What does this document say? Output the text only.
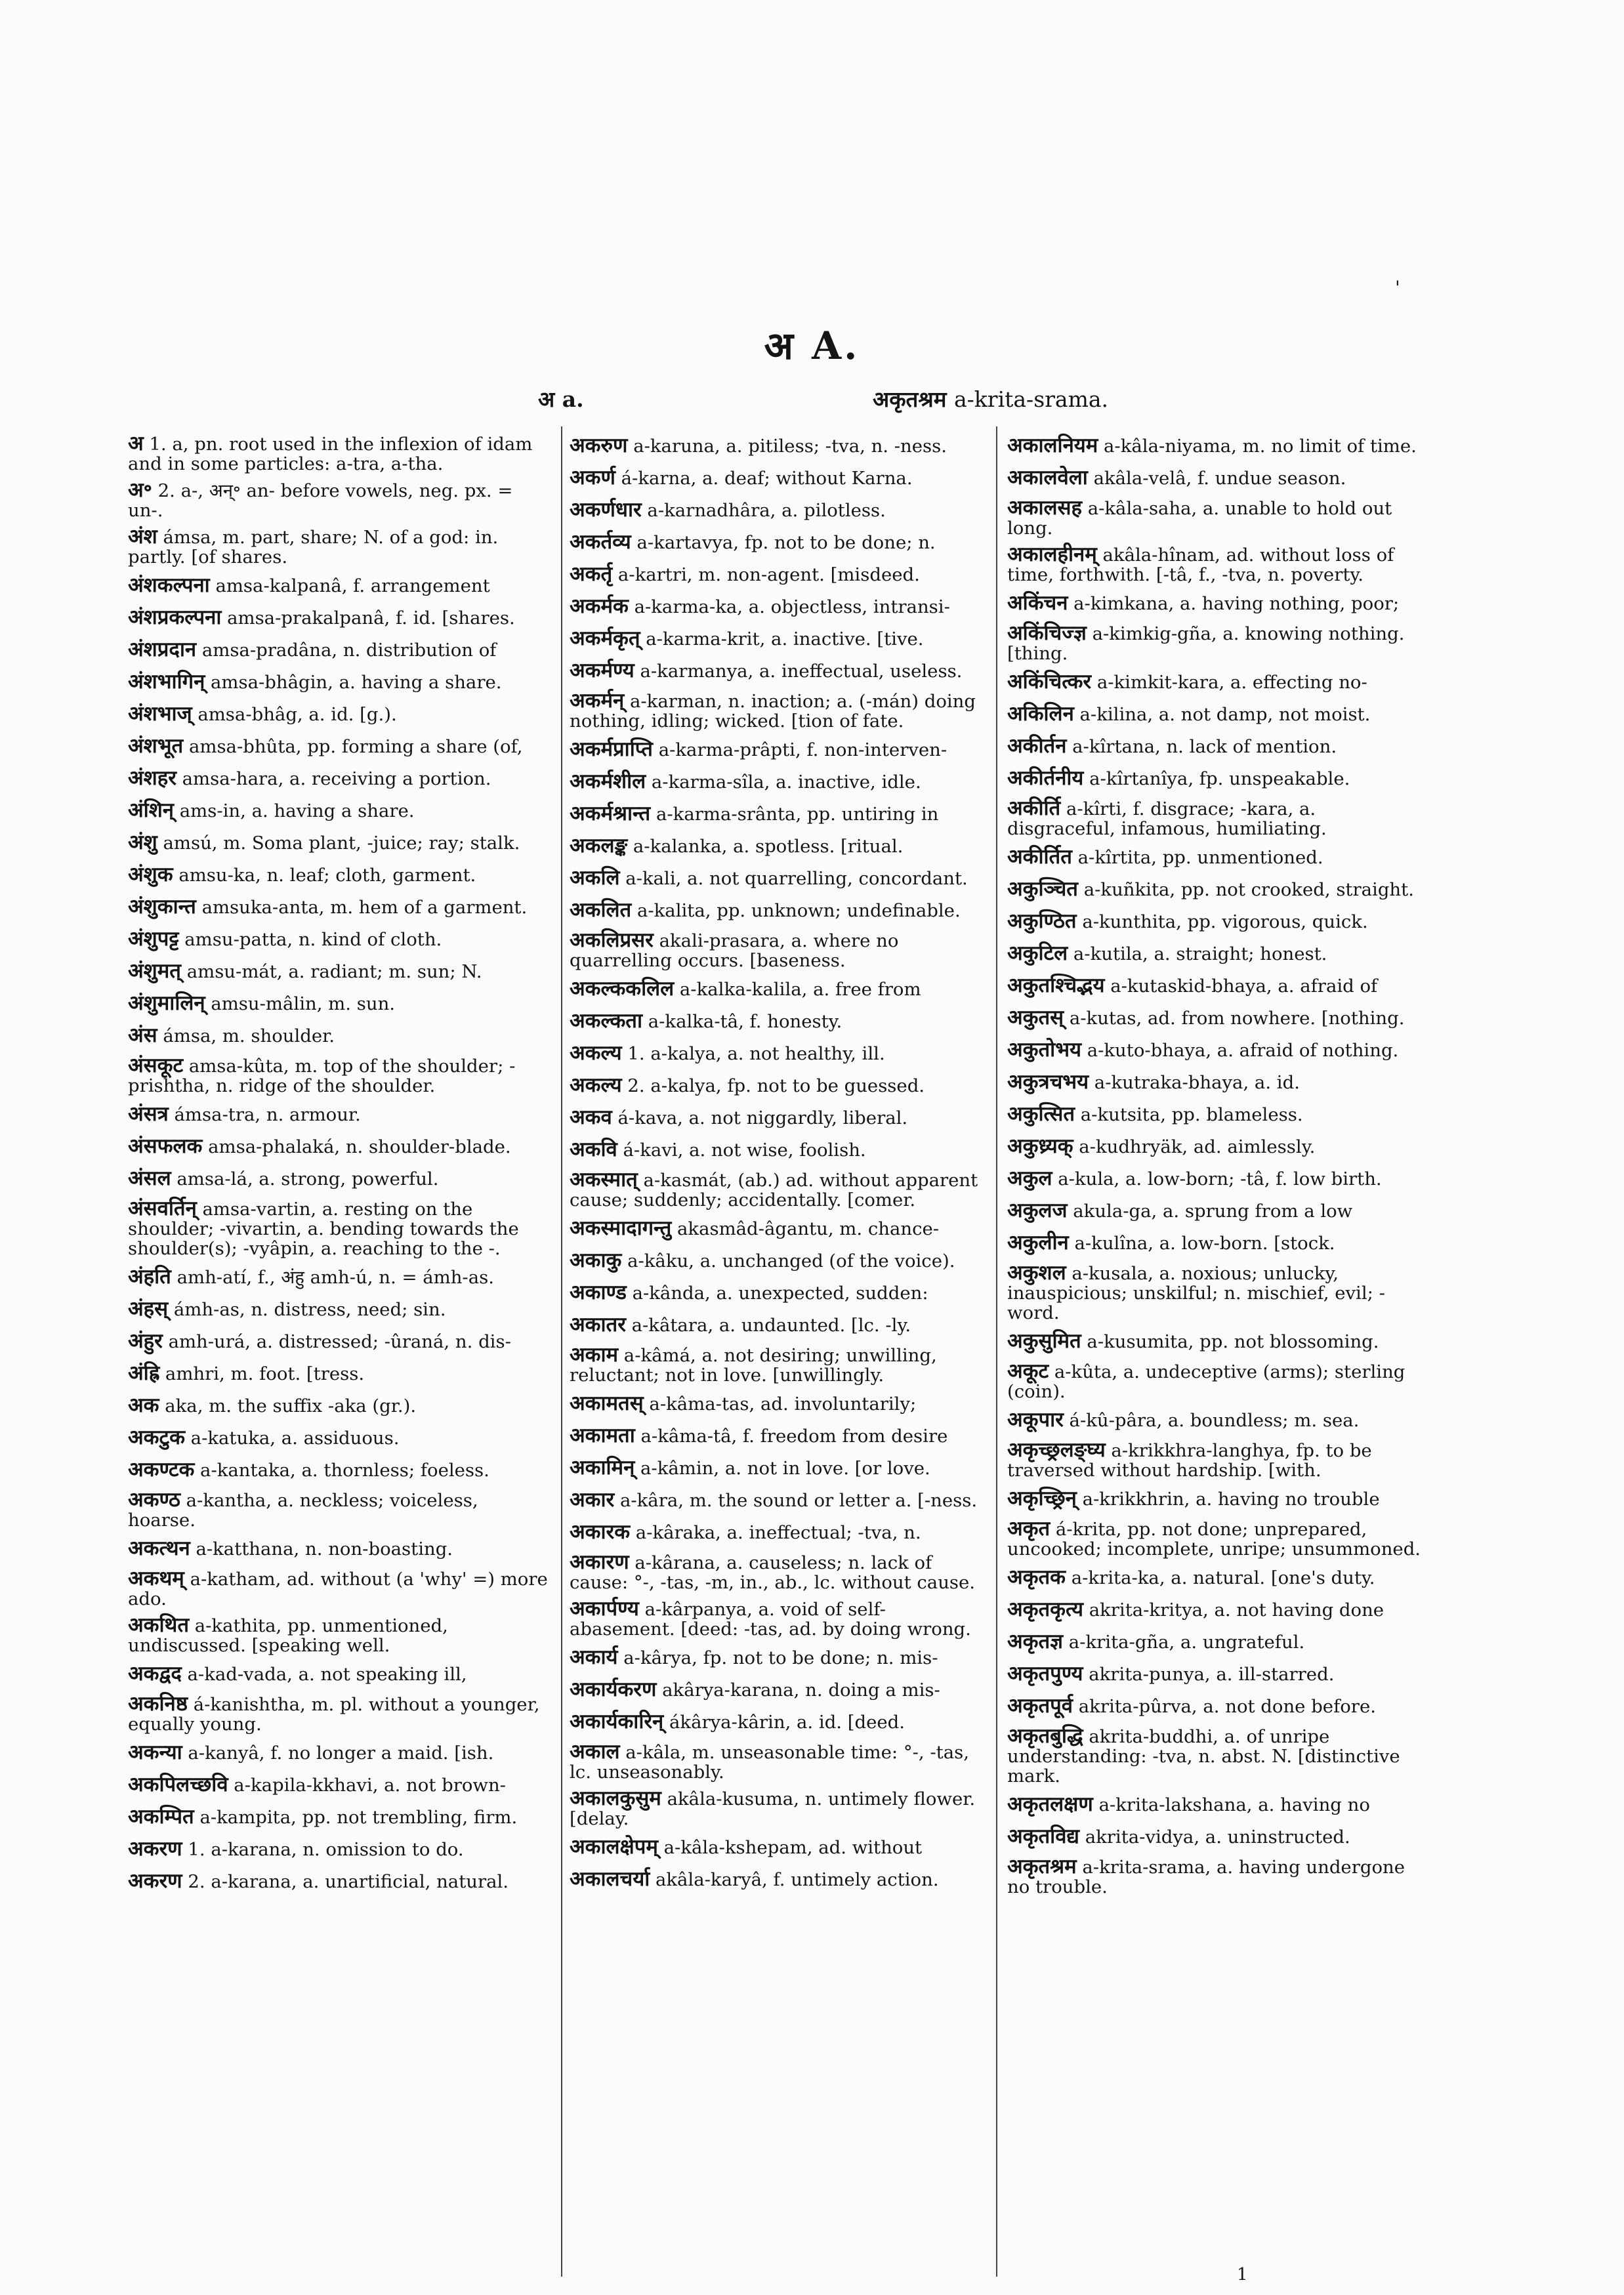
'
अ A.
अ a.	अकृतश्रम a-krita-srama.

अ 1. a, pn. root used in the inflexion of idam and in some particles: a-tra, a-tha.

अ॰ 2. a-, अन्॰ an- before vowels, neg. px. = un-.

अंश ámsa, m. part, share; N. of a god: in. partly. [of shares.

अंशकल्पना amsa-kalpanâ, f. arrangement

अंशप्रकल्पना amsa-prakalpanâ, f. id. [shares.

अंशप्रदान amsa-pradâna, n. distribution of

अंशभागिन् amsa-bhâgin, a. having a share.

अंशभाज् amsa-bhâg, a. id. [g.).

अंशभूत amsa-bhûta, pp. forming a share (of,

अंशहर amsa-hara, a. receiving a portion.

अंशिन् ams-in, a. having a share.

अंशु amsú, m. Soma plant, -juice; ray; stalk.

अंशुक amsu-ka, n. leaf; cloth, garment.

अंशुकान्त amsuka-anta, m. hem of a garment.

अंशुपट्ट amsu-patta, n. kind of cloth.

अंशुमत् amsu-mát, a. radiant; m. sun; N.

अंशुमालिन् amsu-mâlin, m. sun.

अंस ámsa, m. shoulder.

अंसकूट amsa-kûta, m. top of the shoulder; -prishtha, n. ridge of the shoulder.

अंसत्र ámsa-tra, n. armour.

अंसफलक amsa-phalaká, n. shoulder-blade.

अंसल amsa-lá, a. strong, powerful.

अंसवर्तिन् amsa-vartin, a. resting on the shoulder; -vivartin, a. bending towards the shoulder(s); -vyâpin, a. reaching to the -.

अंहति amh-atí, f., अंहु amh-ú, n. = ámh-as.

अंहस् ámh-as, n. distress, need; sin.

अंहुर amh-urá, a. distressed; -ûraná, n. dis-

अंह्रि amhri, m. foot. [tress.

अक aka, m. the suffix -aka (gr.).

अकटुक a-katuka, a. assiduous.

अकण्टक a-kantaka, a. thornless; foeless.

अकण्ठ a-kantha, a. neckless; voiceless, hoarse.

अकत्थन a-katthana, n. non-boasting.

अकथम् a-katham, ad. without (a 'why' =) more ado.

अकथित a-kathita, pp. unmentioned, undiscussed. [speaking well.

अकद्वद a-kad-vada, a. not speaking ill,

अकनिष्ठ á-kanishtha, m. pl. without a younger, equally young.

अकन्या a-kanyâ, f. no longer a maid. [ish.

अकपिलच्छवि a-kapila-kkhavi, a. not brown-

अकम्पित a-kampita, pp. not trembling, firm.

अकरण 1. a-karana, n. omission to do.

अकरण 2. a-karana, a. unartificial, natural.

अकरुण a-karuna, a. pitiless; -tva, n. -ness.

अकर्ण á-karna, a. deaf; without Karna.

अकर्णधार a-karnadhâra, a. pilotless.

अकर्तव्य a-kartavya, fp. not to be done; n.

अकर्तृ a-kartri, m. non-agent. [misdeed.

अकर्मक a-karma-ka, a. objectless, intransi-

अकर्मकृत् a-karma-krit, a. inactive. [tive.

अकर्मण्य a-karmanya, a. ineffectual, useless.

अकर्मन् a-karman, n. inaction; a. (-mán) doing nothing, idling; wicked. [tion of fate.

अकर्मप्राप्ति a-karma-prâpti, f. non-interven-

अकर्मशील a-karma-sîla, a. inactive, idle.

अकर्मश्रान्त a-karma-srânta, pp. untiring in

अकलङ्क a-kalanka, a. spotless. [ritual.

अकलि a-kali, a. not quarrelling, concordant.

अकलित a-kalita, pp. unknown; undefinable.

अकलिप्रसर akali-prasara, a. where no quarrelling occurs. [baseness.

अकल्ककलिल a-kalka-kalila, a. free from

अकल्कता a-kalka-tâ, f. honesty.

अकल्य 1. a-kalya, a. not healthy, ill.

अकल्य 2. a-kalya, fp. not to be guessed.

अकव á-kava, a. not niggardly, liberal.

अकवि á-kavi, a. not wise, foolish.

अकस्मात् a-kasmát, (ab.) ad. without apparent cause; suddenly; accidentally. [comer.

अकस्मादागन्तु akasmâd-âgantu, m. chance-

अकाकु a-kâku, a. unchanged (of the voice).

अकाण्ड a-kânda, a. unexpected, sudden:

अकातर a-kâtara, a. undaunted. [lc. -ly.

अकाम a-kâmá, a. not desiring; unwilling, reluctant; not in love. [unwillingly.

अकामतस् a-kâma-tas, ad. involuntarily;

अकामता a-kâma-tâ, f. freedom from desire

अकामिन् a-kâmin, a. not in love. [or love.

अकार a-kâra, m. the sound or letter a. [-ness.

अकारक a-kâraka, a. ineffectual; -tva, n.

अकारण a-kârana, a. causeless; n. lack of cause: °-, -tas, -m, in., ab., lc. without cause.

अकार्पण्य a-kârpanya, a. void of self-abasement. [deed: -tas, ad. by doing wrong.

अकार्य a-kârya, fp. not to be done; n. mis-

अकार्यकरण akârya-karana, n. doing a mis-

अकार्यकारिन् ákârya-kârin, a. id. [deed.

अकाल a-kâla, m. unseasonable time: °-, -tas, lc. unseasonably.

अकालकुसुम akâla-kusuma, n. untimely flower. [delay.

अकालक्षेपम् a-kâla-kshepam, ad. without

अकालचर्या akâla-karyâ, f. untimely action.

अकालनियम a-kâla-niyama, m. no limit of time.

अकालवेला akâla-velâ, f. undue season.

अकालसह a-kâla-saha, a. unable to hold out long.

अकालहीनम् akâla-hînam, ad. without loss of time, forthwith. [-tâ, f., -tva, n. poverty.

अकिंचन a-kimkana, a. having nothing, poor;

अकिंचिज्ज्ञ a-kimkig-gña, a. knowing nothing. [thing.

अकिंचित्कर a-kimkit-kara, a. effecting no-

अकिलिन a-kilina, a. not damp, not moist.

अकीर्तन a-kîrtana, n. lack of mention.

अकीर्तनीय a-kîrtanîya, fp. unspeakable.

अकीर्ति a-kîrti, f. disgrace; -kara, a. disgraceful, infamous, humiliating.

अकीर्तित a-kîrtita, pp. unmentioned.

अकुञ्चित a-kuñkita, pp. not crooked, straight.

अकुण्ठित a-kunthita, pp. vigorous, quick.

अकुटिल a-kutila, a. straight; honest.

अकुतश्चिद्भय a-kutaskid-bhaya, a. afraid of

अकुतस् a-kutas, ad. from nowhere. [nothing.

अकुतोभय a-kuto-bhaya, a. afraid of nothing.

अकुत्रचभय a-kutraka-bhaya, a. id.

अकुत्सित a-kutsita, pp. blameless.

अकुध्र्यक् a-kudhryäk, ad. aimlessly.

अकुल a-kula, a. low-born; -tâ, f. low birth.

अकुलज akula-ga, a. sprung from a low

अकुलीन a-kulîna, a. low-born. [stock.

अकुशल a-kusala, a. noxious; unlucky, inauspicious; unskilful; n. mischief, evil; -word.

अकुसुमित a-kusumita, pp. not blossoming.

अकूट a-kûta, a. undeceptive (arms); sterling (coin).

अकूपार á-kû-pâra, a. boundless; m. sea.

अकृच्छ्रलङ्घ्य a-krikkhra-langhya, fp. to be traversed without hardship. [with.

अकृच्छ्रिन् a-krikkhrin, a. having no trouble

अकृत á-krita, pp. not done; unprepared, uncooked; incomplete, unripe; unsummoned.

अकृतक a-krita-ka, a. natural. [one's duty.

अकृतकृत्य akrita-kritya, a. not having done

अकृतज्ञ a-krita-gña, a. ungrateful.

अकृतपुण्य akrita-punya, a. ill-starred.

अकृतपूर्व akrita-pûrva, a. not done before.

अकृतबुद्धि akrita-buddhi, a. of unripe understanding: -tva, n. abst. N. [distinctive mark.

अकृतलक्षण a-krita-lakshana, a. having no

अकृतविद्य akrita-vidya, a. uninstructed.

अकृतश्रम a-krita-srama, a. having undergone no trouble.

1
